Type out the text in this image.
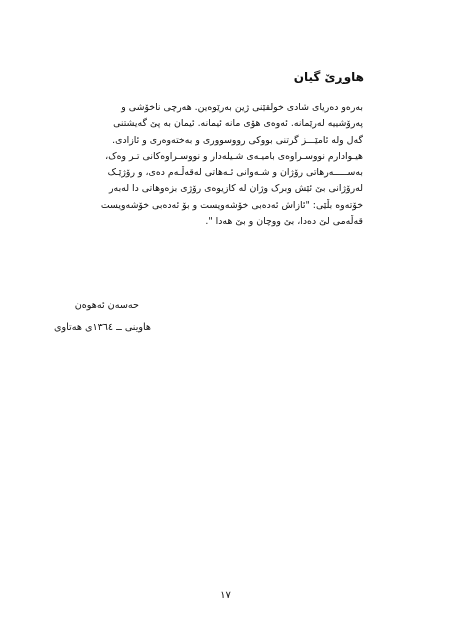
هاوڕێ گیان
بەرەو دەریای شادی خولقێنی ژین بەرێوەین. هەرچی ناخۆشی و
پەرۆشییە لەرێمانە. ئەوەی هۆی مانە ئیمانە. ئیمان بە پێ گەیشتنی
گەل ولە ئامێـــز گرتنی بووکی رووسووری و بەختەوەری و ئازادی.
هیـوادارم نووسـراوەی بامیـەی شـیلەدار و نووسـراوەکانی تـر وەک،
بەســـــەرهاتی رۆژان و شـەوانی ئـەهاتی لەقەڵـەم دەی، و رۆژێـک
لەرۆژانی بێ ئێش وبرک وژان لە کازیوەی رۆژی بزەوهاتی دا لەبەر
خۆتەوە بڵێی: "ئازاش ئەدەبی خۆشەویست و بۆ ئەدەبی خۆشەویست
قەڵەمی لێ دەدا، بێ ووچان و بێ هەدا ".
حەسەن ئەهوەن
هاوینی ــ ١٣٦٤ی هەتاوی
١٧
